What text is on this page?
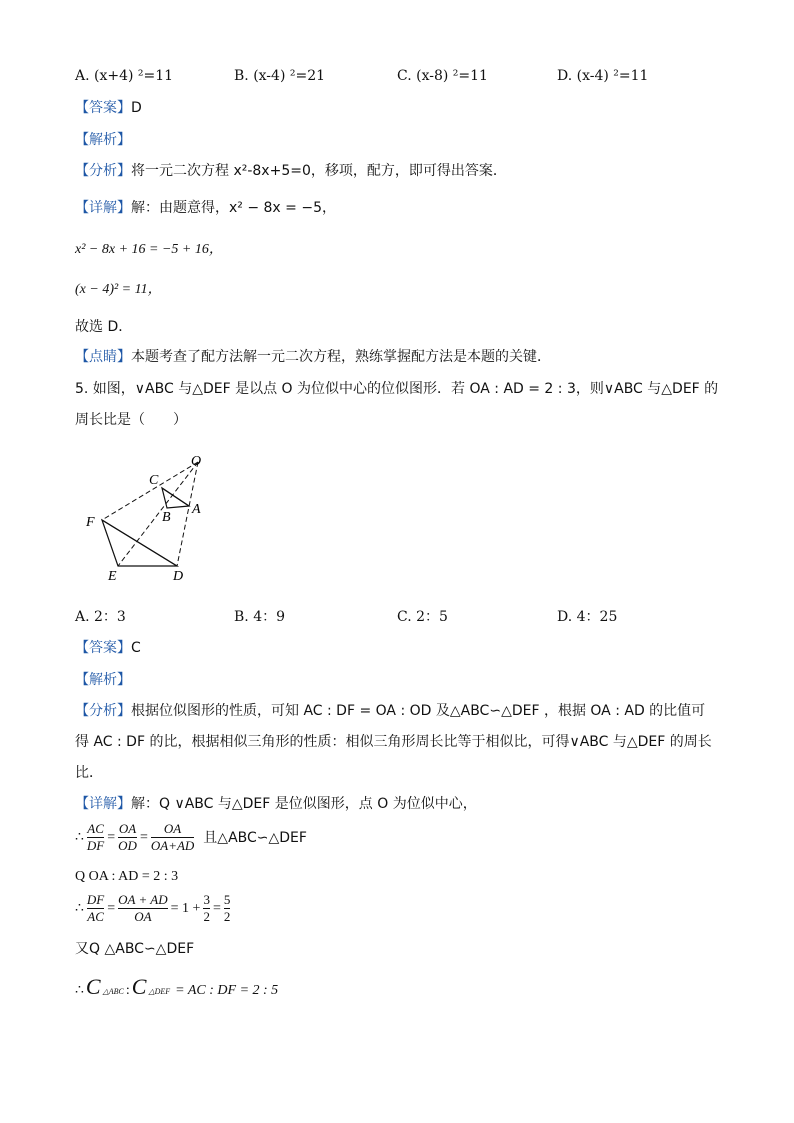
A. (x+4) ²=11	B. (x-4) ²=21	C. (x-8) ²=11	D. (x-4) ²=11
【答案】D
【解析】
【分析】将一元二次方程 x²-8x+5=0，移项，配方，即可得出答案．
【详解】解：由题意得，x² − 8x = −5，
x² − 8x + 16 = −5 + 16，
(x − 4)² = 11，
故选 D．
【点睛】本题考查了配方法解一元二次方程，熟练掌握配方法是本题的关键．
5. 如图，∨ABC 与△DEF 是以点 O 为位似中心的位似图形．若 OA : AD = 2 : 3，则∨ABC 与△DEF 的
周长比是（　　）
O
C
A
B
F
E	D
A. 2：3	B. 4：9	C. 2：5	D. 4：25
【答案】C
【解析】
【分析】根据位似图形的性质，可知 AC : DF = OA : OD 及△ABC∽△DEF ，根据 OA : AD 的比值可
得 AC : DF 的比，根据相似三角形的性质：相似三角形周长比等于相似比，可得∨ABC 与△DEF 的周长
比．
【详解】解：Q ∨ABC 与△DEF 是位似图形，点 O 为位似中心，
∴ $\frac{AC}{DF} = \frac{OA}{OD} = \frac{OA}{OA+AD}$ 且△ABC∽△DEF
Q OA : AD = 2 : 3
∴ $\frac{DF}{AC} = \frac{OA + AD}{OA} = 1 + \frac{3}{2} = \frac{5}{2}$
又Q △ABC∽△DEF
∴ C △ABC : C △DEF = AC : DF = 2 : 5
